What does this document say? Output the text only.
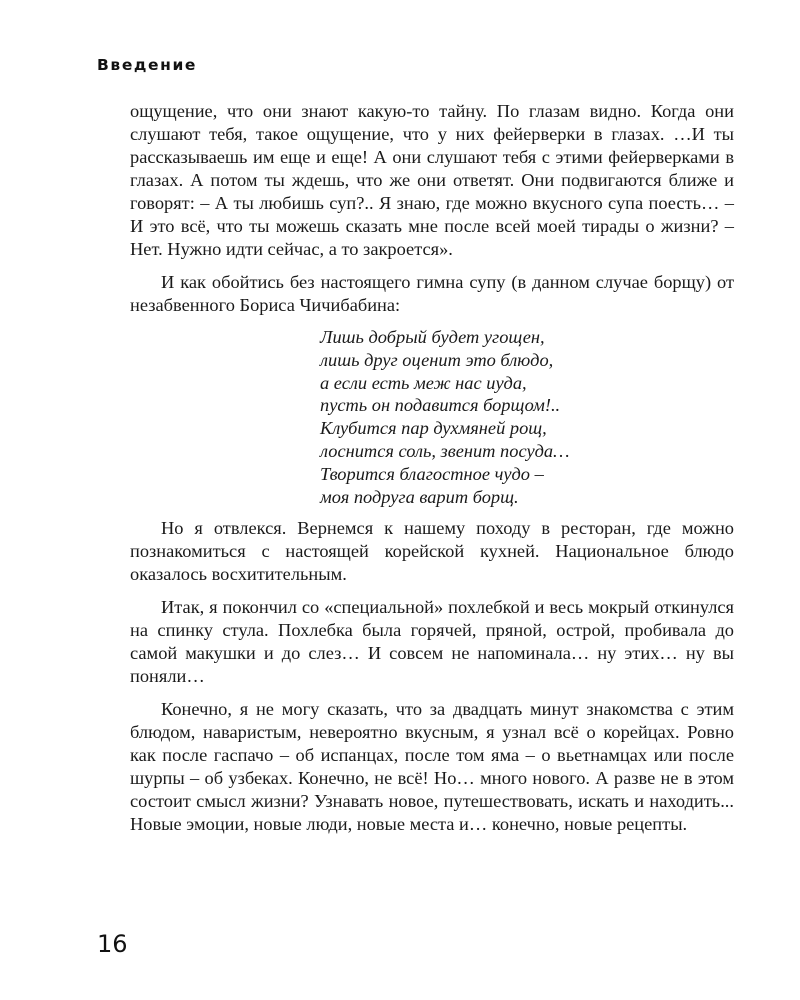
Введение

ощущение, что они знают какую-то тайну. По глазам видно. Когда они слушают тебя, такое ощущение, что у них фейерверки в глазах. …И ты рассказываешь им еще и еще! А они слушают тебя с этими фейерверками в глазах. А потом ты ждешь, что же они ответят. Они подвигаются ближе и говорят: – А ты любишь суп?.. Я знаю, где можно вкусного супа поесть… – И это всё, что ты можешь сказать мне после всей моей тирады о жизни? – Нет. Нужно идти сейчас, а то закроется».

И как обойтись без настоящего гимна супу (в данном случае борщу) от незабвенного Бориса Чичибабина:

Лишь добрый будет угощен,
лишь друг оценит это блюдо,
а если есть меж нас иуда,
пусть он подавится борщом!..
Клубится пар духмяней рощ,
лоснится соль, звенит посуда…
Творится благостное чудо –
моя подруга варит борщ.

Но я отвлекся. Вернемся к нашему походу в ресторан, где можно познакомиться с настоящей корейской кухней. Национальное блюдо оказалось восхитительным.

Итак, я покончил со «специальной» похлебкой и весь мокрый откинулся на спинку стула. Похлебка была горячей, пряной, острой, пробивала до самой макушки и до слез… И совсем не напоминала… ну этих… ну вы поняли…

Конечно, я не могу сказать, что за двадцать минут знакомства с этим блюдом, наваристым, невероятно вкусным, я узнал всё о корейцах. Ровно как после гаспачо – об испанцах, после том яма – о вьетнамцах или после шурпы – об узбеках. Конечно, не всё! Но… много нового. А разве не в этом состоит смысл жизни? Узнавать новое, путешествовать, искать и находить... Новые эмоции, новые люди, новые места и… конечно, новые рецепты.

16
